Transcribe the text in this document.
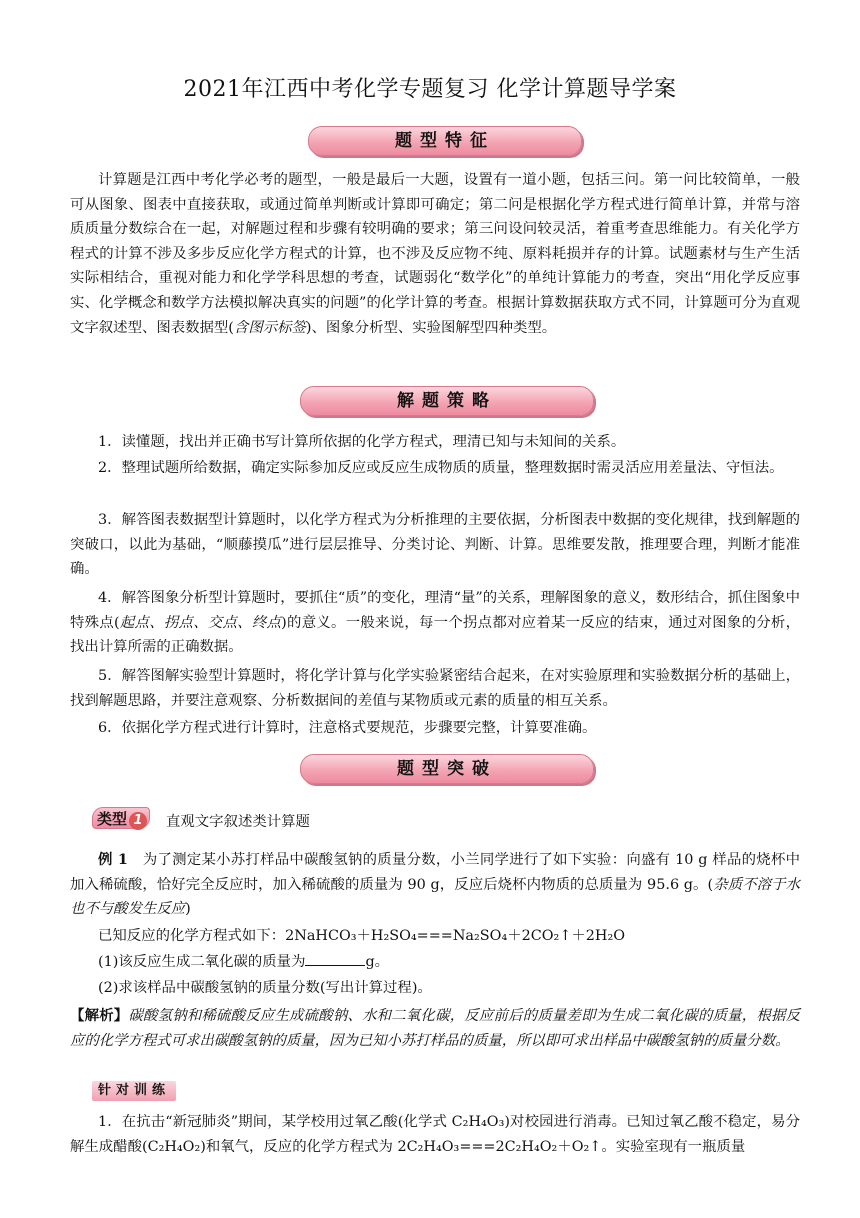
2021年江西中考化学专题复习 化学计算题导学案
题型特征
计算题是江西中考化学必考的题型，一般是最后一大题，设置有一道小题，包括三问。第一问比较简单，一般可从图象、图表中直接获取，或通过简单判断或计算即可确定；第二问是根据化学方程式进行简单计算，并常与溶质质量分数综合在一起，对解题过程和步骤有较明确的要求；第三问设问较灵活，着重考查思维能力。有关化学方程式的计算不涉及多步反应化学方程式的计算，也不涉及反应物不纯、原料耗损并存的计算。试题素材与生产生活实际相结合，重视对能力和化学学科思想的考查，试题弱化“数学化”的单纯计算能力的考查，突出“用化学反应事实、化学概念和数学方法模拟解决真实的问题”的化学计算的考查。根据计算数据获取方式不同，计算题可分为直观文字叙述型、图表数据型(含图示标签)、图象分析型、实验图解型四种类型。
解题策略
1．读懂题，找出并正确书写计算所依据的化学方程式，理清已知与未知间的关系。
2．整理试题所给数据，确定实际参加反应或反应生成物质的质量，整理数据时需灵活应用差量法、守恒法。
3．解答图表数据型计算题时，以化学方程式为分析推理的主要依据，分析图表中数据的变化规律，找到解题的突破口，以此为基础，“顺藤摸瓜”进行层层推导、分类讨论、判断、计算。思维要发散，推理要合理，判断才能准确。
4．解答图象分析型计算题时，要抓住“质”的变化，理清“量”的关系，理解图象的意义，数形结合，抓住图象中特殊点(起点、拐点、交点、终点)的意义。一般来说，每一个拐点都对应着某一反应的结束，通过对图象的分析，找出计算所需的正确数据。
5．解答图解实验型计算题时，将化学计算与化学实验紧密结合起来，在对实验原理和实验数据分析的基础上，找到解题思路，并要注意观察、分析数据间的差值与某物质或元素的质量的相互关系。
6．依据化学方程式进行计算时，注意格式要规范，步骤要完整，计算要准确。
题型突破
类型 1	直观文字叙述类计算题
例 1　 为了测定某小苏打样品中碳酸氢钠的质量分数，小兰同学进行了如下实验：向盛有 10 g 样品的烧杯中加入稀硫酸，恰好完全反应时，加入稀硫酸的质量为 90 g，反应后烧杯内物质的总质量为 95.6 g。(杂质不溶于水也不与酸发生反应)
已知反应的化学方程式如下：2NaHCO₃＋H₂SO₄===Na₂SO₄＋2CO₂↑＋2H₂O
(1)该反应生成二氧化碳的质量为	g。
(2)求该样品中碳酸氢钠的质量分数(写出计算过程)。
【解析】碳酸氢钠和稀硫酸反应生成硫酸钠、水和二氧化碳，反应前后的质量差即为生成二氧化碳的质量，根据反应的化学方程式可求出碳酸氢钠的质量，因为已知小苏打样品的质量，所以即可求出样品中碳酸氢钠的质量分数。
针对训练
1．在抗击“新冠肺炎”期间，某学校用过氧乙酸(化学式 C₂H₄O₃)对校园进行消毒。已知过氧乙酸不稳定，易分解生成醋酸(C₂H₄O₂)和氧气，反应的化学方程式为 2C₂H₄O₃===2C₂H₄O₂＋O₂↑。实验室现有一瓶质量
